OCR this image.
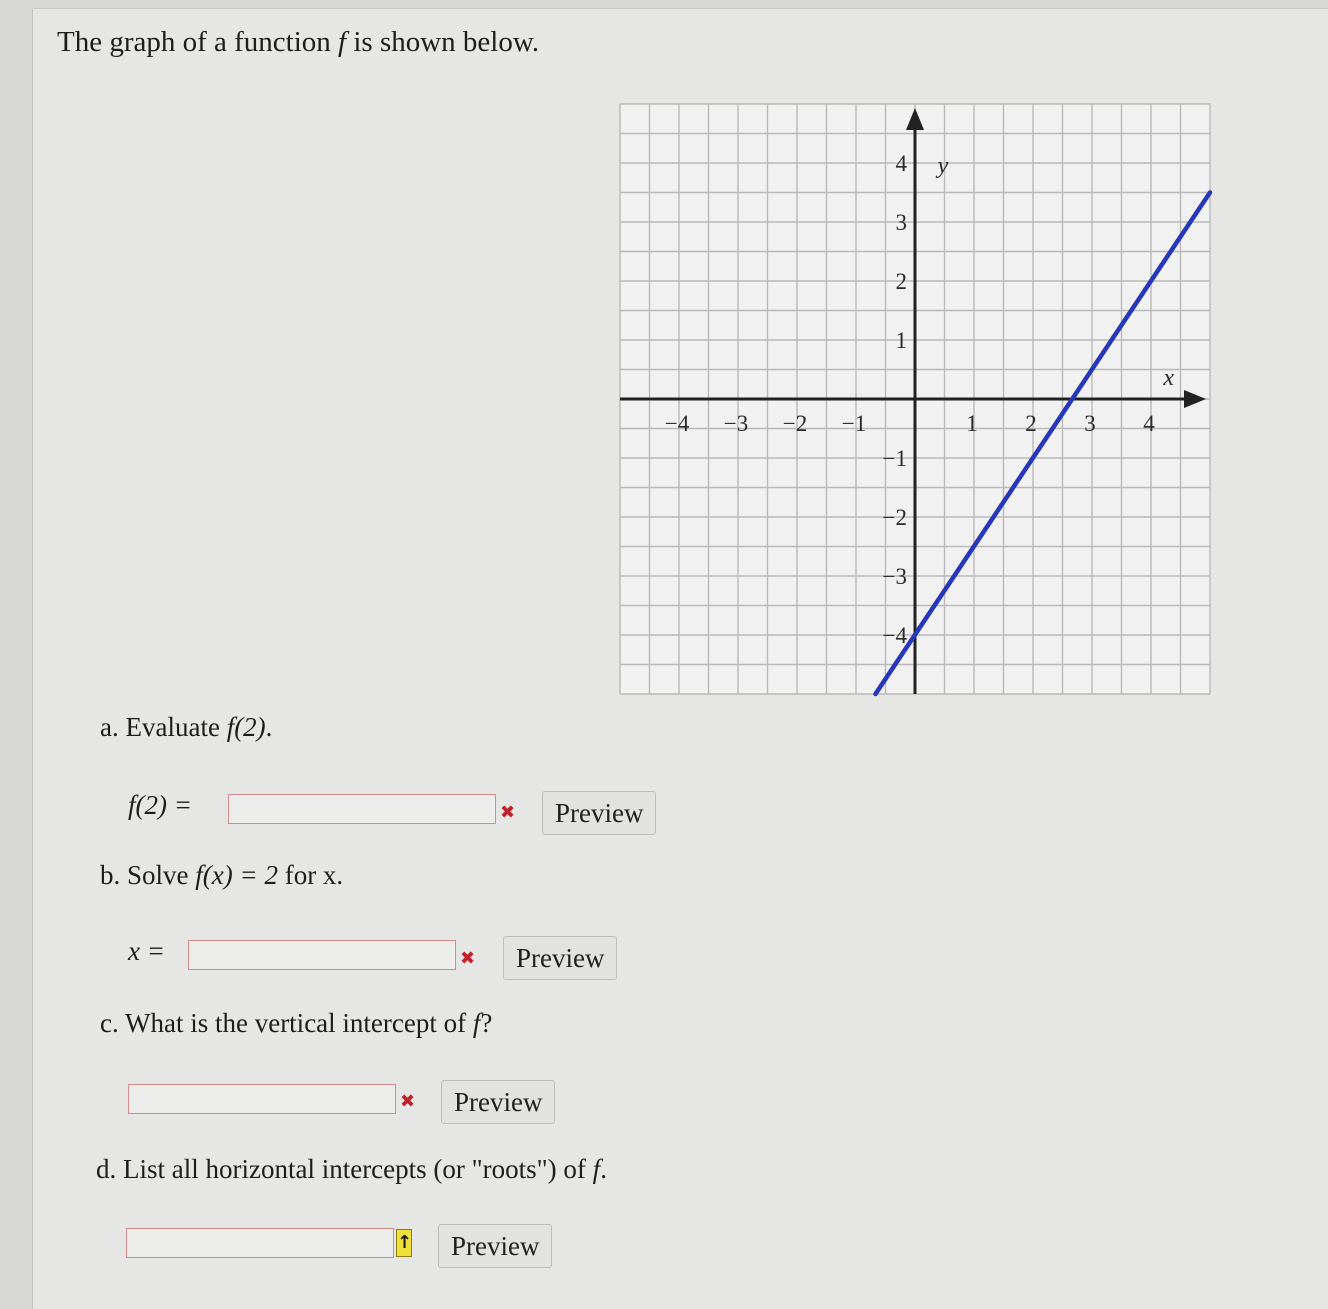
The graph of a function f is shown below.
−4 −3 −2 −1	1 2 3 4
−4
−3
−2
−1
1
2
3
4
x
y
a. Evaluate f(2).
f(2) =	✖	Preview
b. Solve f(x) = 2 for x.
x =	✖	Preview
c. What is the vertical intercept of f?
✖	Preview
d. List all horizontal intercepts (or "roots") of f.
↑	Preview
